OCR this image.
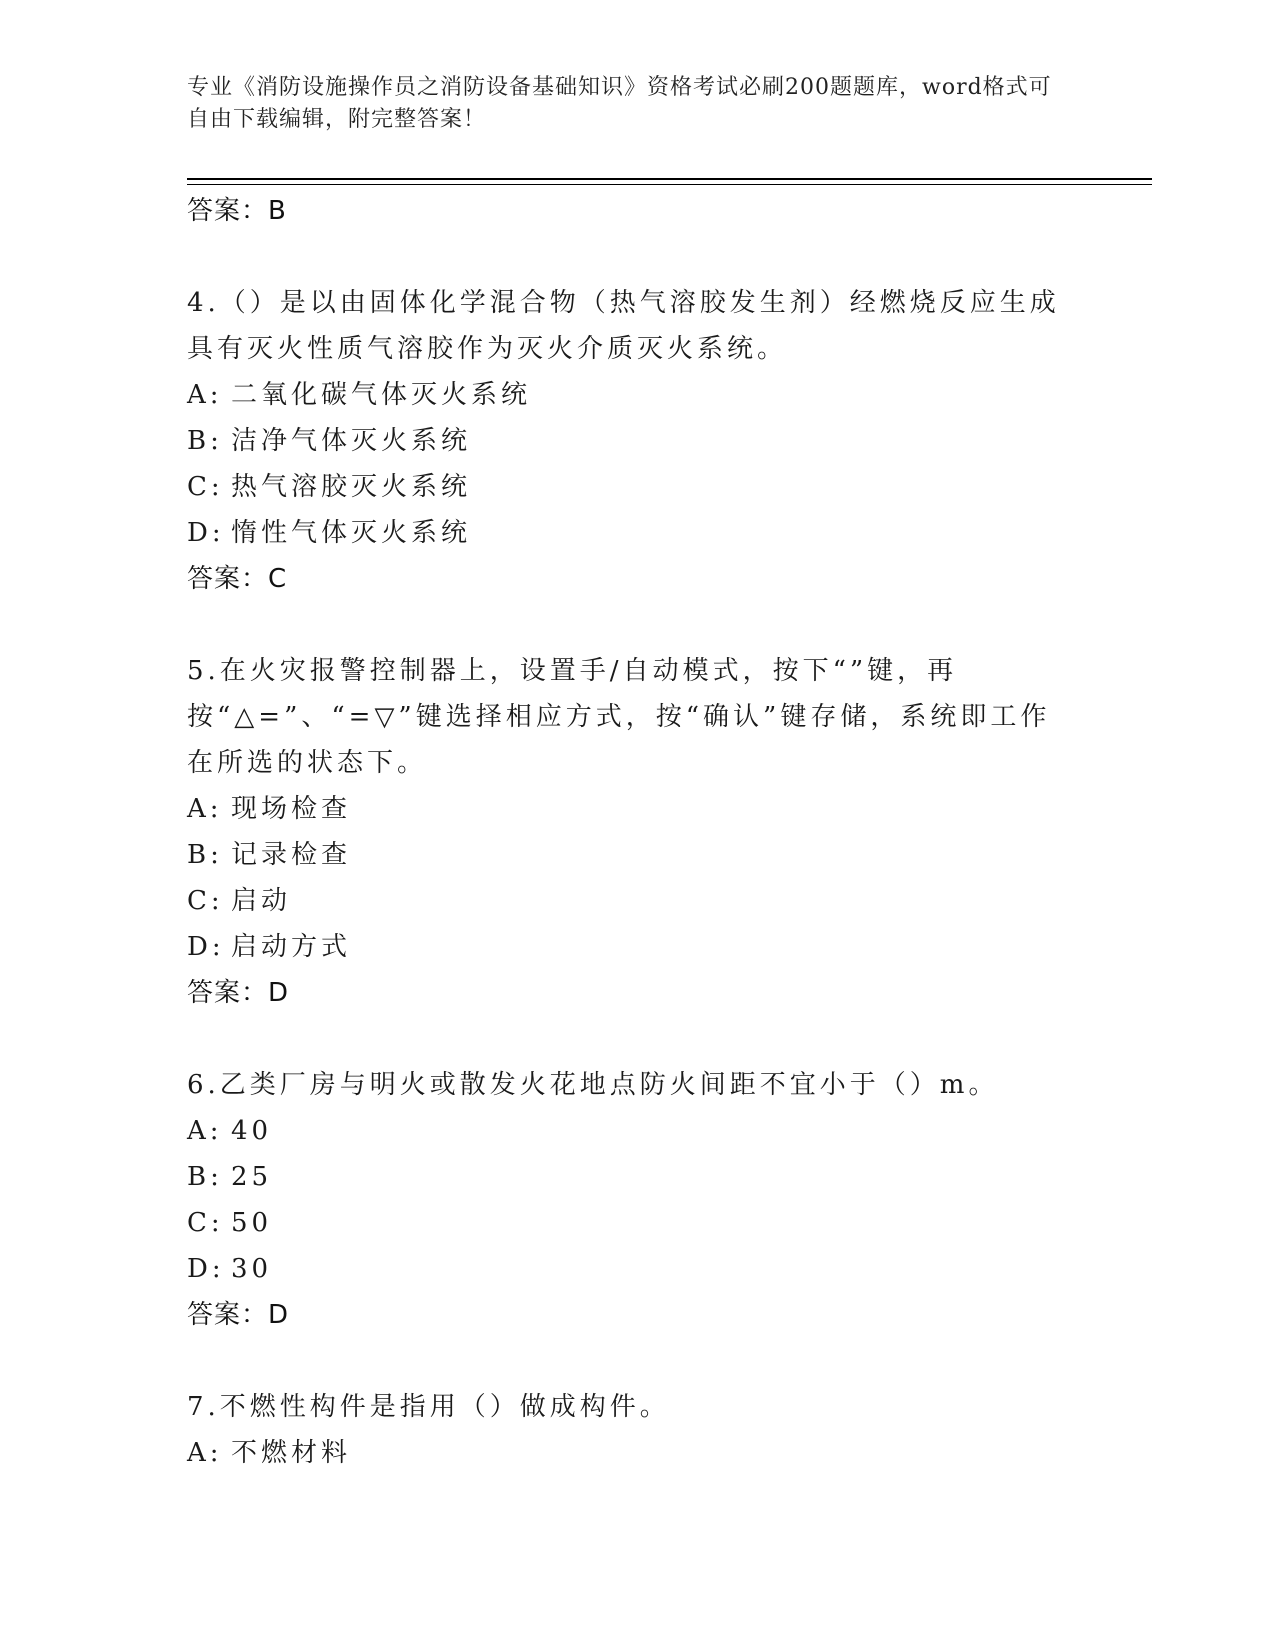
专业《消防设施操作员之消防设备基础知识》资格考试必刷200题题库，word格式可自由下载编辑，附完整答案！
答案：B
4.（）是以由固体化学混合物（热气溶胶发生剂）经燃烧反应生成具有灭火性质气溶胶作为灭火介质灭火系统。
A: 二氧化碳气体灭火系统
B: 洁净气体灭火系统
C: 热气溶胶灭火系统
D: 惰性气体灭火系统
答案：C
5.在火灾报警控制器上，设置手/自动模式，按下“”键，再按“△=”、“=▽”键选择相应方式，按“确认”键存储，系统即工作在所选的状态下。
A: 现场检查
B: 记录检查
C: 启动
D: 启动方式
答案：D
6.乙类厂房与明火或散发火花地点防火间距不宜小于（）m。
A: 40
B: 25
C: 50
D: 30
答案：D
7.不燃性构件是指用（）做成构件。
A: 不燃材料
